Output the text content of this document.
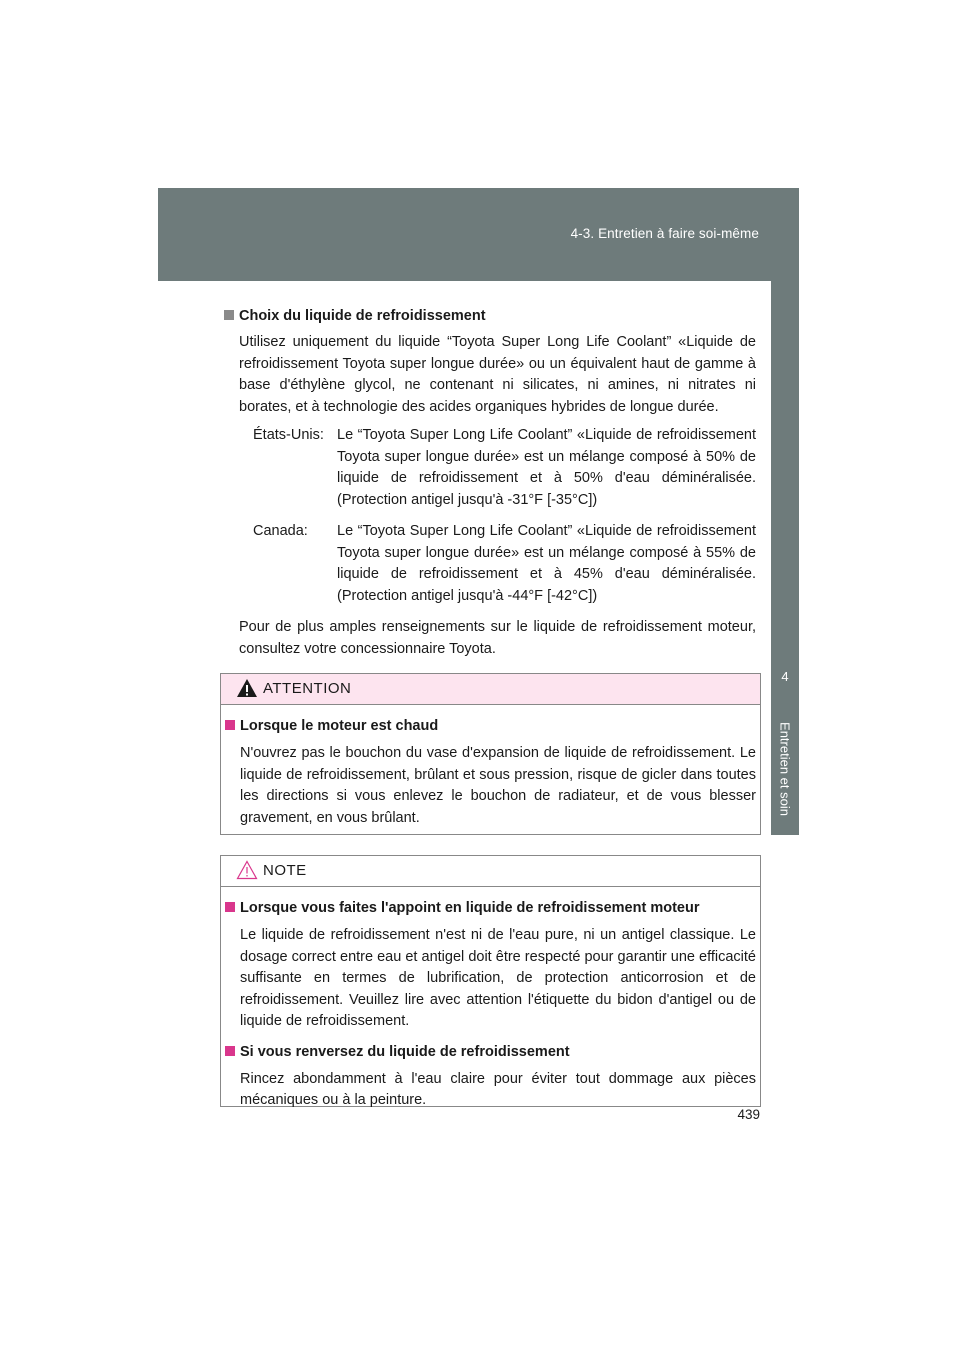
4-3. Entretien à faire soi-même
4
Entretien et soin
Choix du liquide de refroidissement
Utilisez uniquement du liquide “Toyota Super Long Life Coolant” «Liquide de refroidissement Toyota super longue durée» ou un équivalent haut de gamme à base d'éthylène glycol, ne contenant ni silicates, ni amines, ni nitrates ni borates, et à technologie des acides organiques hybrides de longue durée.
États-Unis: Le “Toyota Super Long Life Coolant” «Liquide de refroidissement Toyota super longue durée» est un mélange composé à 50% de liquide de refroidissement et à 50% d'eau déminéralisée. (Protection antigel jusqu'à -31°F [-35°C])
Canada:	Le “Toyota Super Long Life Coolant” «Liquide de refroidissement Toyota super longue durée» est un mélange composé à 55% de liquide de refroidissement et à 45% d'eau déminéralisée. (Protection antigel jusqu'à -44°F [-42°C])
Pour de plus amples renseignements sur le liquide de refroidissement moteur, consultez votre concessionnaire Toyota.
ATTENTION
Lorsque le moteur est chaud
N'ouvrez pas le bouchon du vase d'expansion de liquide de refroidissement. Le liquide de refroidissement, brûlant et sous pression, risque de gicler dans toutes les directions si vous enlevez le bouchon de radiateur, et de vous blesser gravement, en vous brûlant.
NOTE
Lorsque vous faites l'appoint en liquide de refroidissement moteur
Le liquide de refroidissement n'est ni de l'eau pure, ni un antigel classique. Le dosage correct entre eau et antigel doit être respecté pour garantir une efficacité suffisante en termes de lubrification, de protection anticorrosion et de refroidissement. Veuillez lire avec attention l'étiquette du bidon d'antigel ou de liquide de refroidissement.
Si vous renversez du liquide de refroidissement
Rincez abondamment à l'eau claire pour éviter tout dommage aux pièces mécaniques ou à la peinture.
439
